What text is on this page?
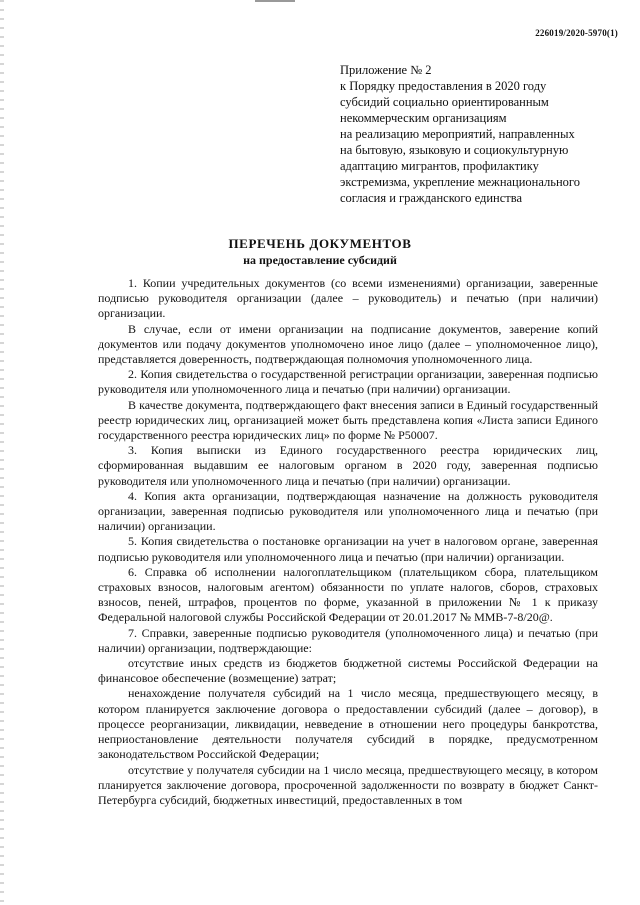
226019/2020-5970(1)
Приложение № 2
к Порядку предоставления в 2020 году
субсидий социально ориентированным
некоммерческим организациям
на реализацию мероприятий, направленных
на бытовую, языковую и социокультурную
адаптацию мигрантов, профилактику
экстремизма, укрепление межнационального
согласия и гражданского единства
ПЕРЕЧЕНЬ ДОКУМЕНТОВ
на предоставление субсидий

1. Копии учредительных документов (со всеми изменениями) организации, заверенные подписью руководителя организации (далее – руководитель) и печатью (при наличии) организации.

В случае, если от имени организации на подписание документов, заверение копий документов или подачу документов уполномочено иное лицо (далее – уполномоченное лицо), представляется доверенность, подтверждающая полномочия уполномоченного лица.

2. Копия свидетельства о государственной регистрации организации, заверенная подписью руководителя или уполномоченного лица и печатью (при наличии) организации.

В качестве документа, подтверждающего факт внесения записи в Единый государственный реестр юридических лиц, организацией может быть представлена копия «Листа записи Единого государственного реестра юридических лиц» по форме № Р50007.

3. Копия выписки из Единого государственного реестра юридических лиц, сформированная выдавшим ее налоговым органом в 2020 году, заверенная подписью руководителя или уполномоченного лица и печатью (при наличии) организации.

4. Копия акта организации, подтверждающая назначение на должность руководителя организации, заверенная подписью руководителя или уполномоченного лица и печатью (при наличии) организации.

5. Копия свидетельства о постановке организации на учет в налоговом органе, заверенная подписью руководителя или уполномоченного лица и печатью (при наличии) организации.

6. Справка об исполнении налогоплательщиком (плательщиком сбора, плательщиком страховых взносов, налоговым агентом) обязанности по уплате налогов, сборов, страховых взносов, пеней, штрафов, процентов по форме, указанной в приложении № 1 к приказу Федеральной налоговой службы Российской Федерации от 20.01.2017 № ММВ-7-8/20@.

7. Справки, заверенные подписью руководителя (уполномоченного лица) и печатью (при наличии) организации, подтверждающие:

отсутствие иных средств из бюджетов бюджетной системы Российской Федерации на финансовое обеспечение (возмещение) затрат;

ненахождение получателя субсидий на 1 число месяца, предшествующего месяцу, в котором планируется заключение договора о предоставлении субсидий (далее – договор), в процессе реорганизации, ликвидации, невведение в отношении него процедуры банкротства, неприостановление деятельности получателя субсидий в порядке, предусмотренном законодательством Российской Федерации;

отсутствие у получателя субсидии на 1 число месяца, предшествующего месяцу, в котором планируется заключение договора, просроченной задолженности по возврату в бюджет Санкт-Петербурга субсидий, бюджетных инвестиций, предоставленных в том
